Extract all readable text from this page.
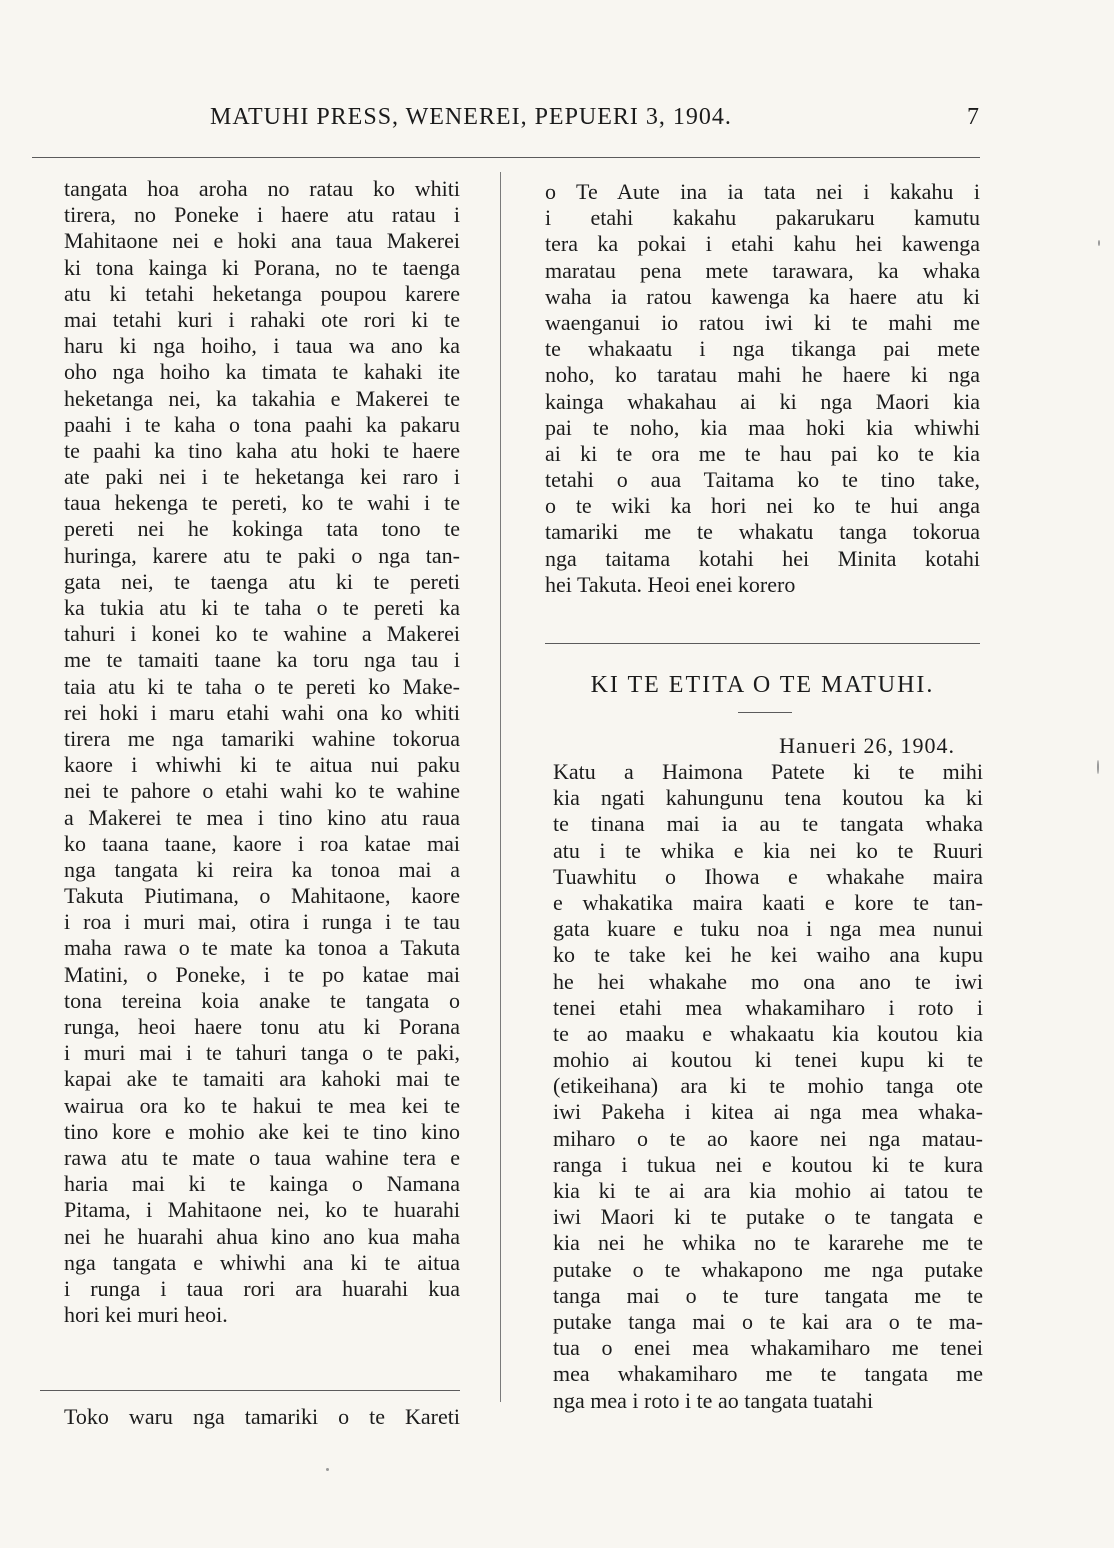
MATUHI PRESS, WENEREI, PEPUERI 3, 1904.	7
tangata hoa aroha no ratau ko whiti
tirera, no Poneke i haere atu ratau i
Mahitaone nei e hoki ana taua Makerei
ki tona kainga ki Porana, no te taenga
atu ki tetahi heketanga poupou karere
mai tetahi kuri i rahaki ote rori ki te
haru ki nga hoiho, i taua wa ano ka
oho nga hoiho ka timata te kahaki ite
heketanga nei, ka takahia e Makerei te
paahi i te kaha o tona paahi ka pakaru
te paahi ka tino kaha atu hoki te haere
ate paki nei i te heketanga kei raro i
taua hekenga te pereti, ko te wahi i te
pereti nei he kokinga tata tono te
huringa, karere atu te paki o nga tan-
gata nei, te taenga atu ki te pereti
ka tukia atu ki te taha o te pereti ka
tahuri i konei ko te wahine a Makerei
me te tamaiti taane ka toru nga tau i
taia atu ki te taha o te pereti ko Make-
rei hoki i maru etahi wahi ona ko whiti
tirera me nga tamariki wahine tokorua
kaore i whiwhi ki te aitua nui paku
nei te pahore o etahi wahi ko te wahine
a Makerei te mea i tino kino atu raua
ko taana taane, kaore i roa katae mai
nga tangata ki reira ka tonoa mai a
Takuta Piutimana, o Mahitaone, kaore
i roa i muri mai, otira i runga i te tau
maha rawa o te mate ka tonoa a Takuta
Matini, o Poneke, i te po katae mai
tona tereina koia anake te tangata o
runga, heoi haere tonu atu ki Porana
i muri mai i te tahuri tanga o te paki,
kapai ake te tamaiti ara kahoki mai te
wairua ora ko te hakui te mea kei te
tino kore e mohio ake kei te tino kino
rawa atu te mate o taua wahine tera e
haria mai ki te kainga o Namana
Pitama, i Mahitaone nei, ko te huarahi
nei he huarahi ahua kino ano kua maha
nga tangata e whiwhi ana ki te aitua
i runga i taua rori ara huarahi kua
hori kei muri heoi.
Toko waru nga tamariki o te Kareti
o Te Aute ina ia tata nei i kakahu i
i etahi kakahu pakarukaru kamutu
tera ka pokai i etahi kahu hei kawenga
maratau pena mete tarawara, ka whaka
waha ia ratou kawenga ka haere atu ki
waenganui io ratou iwi ki te mahi me
te whakaatu i nga tikanga pai mete
noho, ko taratau mahi he haere ki nga
kainga whakahau ai ki nga Maori kia
pai te noho, kia maa hoki kia whiwhi
ai ki te ora me te hau pai ko te kia
tetahi o aua Taitama ko te tino take,
o te wiki ka hori nei ko te hui anga
tamariki me te whakatu tanga tokorua
nga taitama kotahi hei Minita kotahi
hei Takuta. Heoi enei korero
KI TE ETITA O TE MATUHI.
Hanueri 26, 1904.
Katu a Haimona Patete ki te mihi
kia ngati kahungunu tena koutou ka ki
te tinana mai ia au te tangata whaka
atu i te whika e kia nei ko te Ruuri
Tuawhitu o Ihowa e whakahe maira
e whakatika maira kaati e kore te tan-
gata kuare e tuku noa i nga mea nunui
ko te take kei he kei waiho ana kupu
he hei whakahe mo ona ano te iwi
tenei etahi mea whakamiharo i roto i
te ao maaku e whakaatu kia koutou kia
mohio ai koutou ki tenei kupu ki te
(etikeihana) ara ki te mohio tanga ote
iwi Pakeha i kitea ai nga mea whaka-
miharo o te ao kaore nei nga matau-
ranga i tukua nei e koutou ki te kura
kia ki te ai ara kia mohio ai tatou te
iwi Maori ki te putake o te tangata e
kia nei he whika no te kararehe me te
putake o te whakapono me nga putake
tanga mai o te ture tangata me te
putake tanga mai o te kai ara o te ma-
tua o enei mea whakamiharo me tenei
mea whakamiharo me te tangata me
nga mea i roto i te ao tangata tuatahi
